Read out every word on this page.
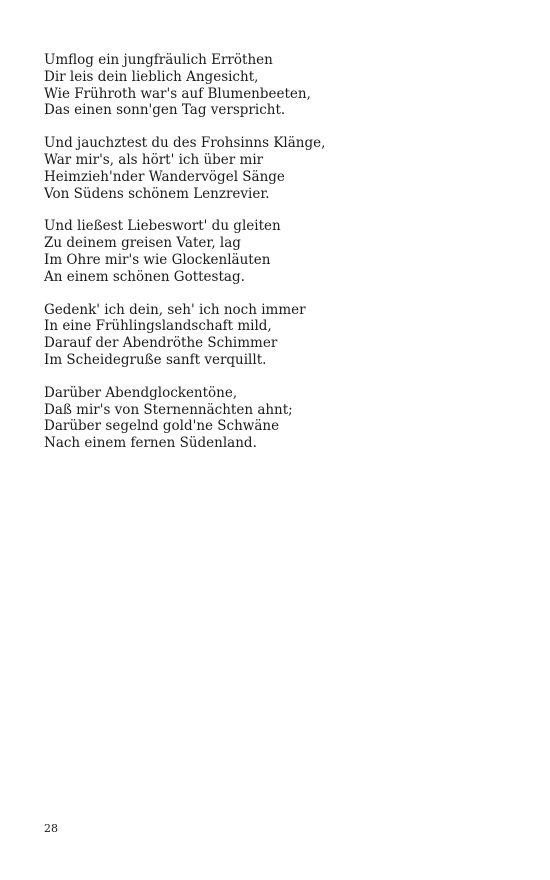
Umflog ein jungfräulich Erröthen
Dir leis dein lieblich Angesicht,
Wie Frühroth war's auf Blumenbeeten,
Das einen sonn'gen Tag verspricht.
Und jauchztest du des Frohsinns Klänge,
War mir's, als hört' ich über mir
Heimzieh'nder Wandervögel Sänge
Von Südens schönem Lenzrevier.
Und ließest Liebeswort' du gleiten
Zu deinem greisen Vater, lag
Im Ohre mir's wie Glockenläuten
An einem schönen Gottestag.
Gedenk' ich dein, seh' ich noch immer
In eine Frühlingslandschaft mild,
Darauf der Abendröthe Schimmer
Im Scheidegruße sanft verquillt.
Darüber Abendglockentöne,
Daß mir's von Sternennächten ahnt;
Darüber segelnd gold'ne Schwäne
Nach einem fernen Südenland.
28
